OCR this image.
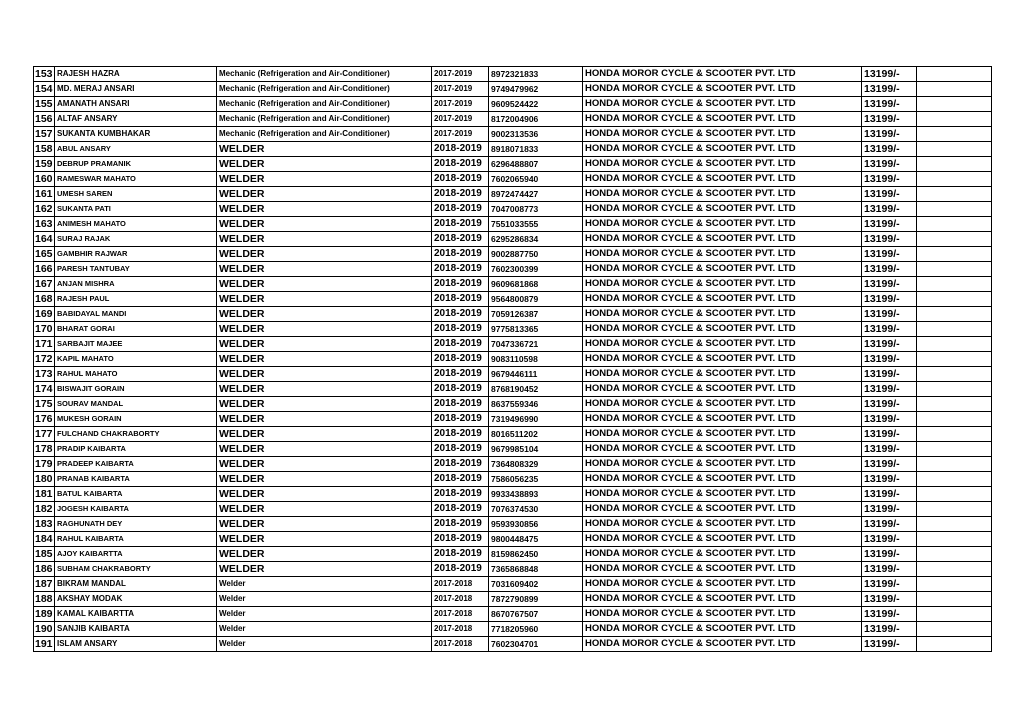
153	RAJESH HAZRA	Mechanic (Refrigeration and Air-Conditioner)	2017-2019	8972321833	HONDA MOROR CYCLE & SCOOTER PVT. LTD	13199/-	
154	MD. MERAJ ANSARI	Mechanic (Refrigeration and Air-Conditioner)	2017-2019	9749479962	HONDA MOROR CYCLE & SCOOTER PVT. LTD	13199/-	
155	AMANATH ANSARI	Mechanic (Refrigeration and Air-Conditioner)	2017-2019	9609524422	HONDA MOROR CYCLE & SCOOTER PVT. LTD	13199/-	
156	ALTAF ANSARY	Mechanic (Refrigeration and Air-Conditioner)	2017-2019	8172004906	HONDA MOROR CYCLE & SCOOTER PVT. LTD	13199/-	
157	SUKANTA KUMBHAKAR	Mechanic (Refrigeration and Air-Conditioner)	2017-2019	9002313536	HONDA MOROR CYCLE & SCOOTER PVT. LTD	13199/-	
158	ABUL ANSARY	WELDER	2018-2019	8918071833	HONDA MOROR CYCLE & SCOOTER PVT. LTD	13199/-	
159	DEBRUP PRAMANIK	WELDER	2018-2019	6296488807	HONDA MOROR CYCLE & SCOOTER PVT. LTD	13199/-	
160	RAMESWAR MAHATO	WELDER	2018-2019	7602065940	HONDA MOROR CYCLE & SCOOTER PVT. LTD	13199/-	
161	UMESH SAREN	WELDER	2018-2019	8972474427	HONDA MOROR CYCLE & SCOOTER PVT. LTD	13199/-	
162	SUKANTA PATI	WELDER	2018-2019	7047008773	HONDA MOROR CYCLE & SCOOTER PVT. LTD	13199/-	
163	ANIMESH MAHATO	WELDER	2018-2019	7551033555	HONDA MOROR CYCLE & SCOOTER PVT. LTD	13199/-	
164	SURAJ RAJAK	WELDER	2018-2019	6295286834	HONDA MOROR CYCLE & SCOOTER PVT. LTD	13199/-	
165	GAMBHIR RAJWAR	WELDER	2018-2019	9002887750	HONDA MOROR CYCLE & SCOOTER PVT. LTD	13199/-	
166	PARESH TANTUBAY	WELDER	2018-2019	7602300399	HONDA MOROR CYCLE & SCOOTER PVT. LTD	13199/-	
167	ANJAN MISHRA	WELDER	2018-2019	9609681868	HONDA MOROR CYCLE & SCOOTER PVT. LTD	13199/-	
168	RAJESH PAUL	WELDER	2018-2019	9564800879	HONDA MOROR CYCLE & SCOOTER PVT. LTD	13199/-	
169	BABIDAYAL MANDI	WELDER	2018-2019	7059126387	HONDA MOROR CYCLE & SCOOTER PVT. LTD	13199/-	
170	BHARAT GORAI	WELDER	2018-2019	9775813365	HONDA MOROR CYCLE & SCOOTER PVT. LTD	13199/-	
171	SARBAJIT MAJEE	WELDER	2018-2019	7047336721	HONDA MOROR CYCLE & SCOOTER PVT. LTD	13199/-	
172	KAPIL MAHATO	WELDER	2018-2019	9083110598	HONDA MOROR CYCLE & SCOOTER PVT. LTD	13199/-	
173	RAHUL MAHATO	WELDER	2018-2019	9679446111	HONDA MOROR CYCLE & SCOOTER PVT. LTD	13199/-	
174	BISWAJIT GORAIN	WELDER	2018-2019	8768190452	HONDA MOROR CYCLE & SCOOTER PVT. LTD	13199/-	
175	SOURAV MANDAL	WELDER	2018-2019	8637559346	HONDA MOROR CYCLE & SCOOTER PVT. LTD	13199/-	
176	MUKESH GORAIN	WELDER	2018-2019	7319496990	HONDA MOROR CYCLE & SCOOTER PVT. LTD	13199/-	
177	FULCHAND CHAKRABORTY	WELDER	2018-2019	8016511202	HONDA MOROR CYCLE & SCOOTER PVT. LTD	13199/-	
178	PRADIP KAIBARTA	WELDER	2018-2019	9679985104	HONDA MOROR CYCLE & SCOOTER PVT. LTD	13199/-	
179	PRADEEP KAIBARTA	WELDER	2018-2019	7364808329	HONDA MOROR CYCLE & SCOOTER PVT. LTD	13199/-	
180	PRANAB KAIBARTA	WELDER	2018-2019	7586056235	HONDA MOROR CYCLE & SCOOTER PVT. LTD	13199/-	
181	BATUL KAIBARTA	WELDER	2018-2019	9933438893	HONDA MOROR CYCLE & SCOOTER PVT. LTD	13199/-	
182	JOGESH KAIBARTA	WELDER	2018-2019	7076374530	HONDA MOROR CYCLE & SCOOTER PVT. LTD	13199/-	
183	RAGHUNATH DEY	WELDER	2018-2019	9593930856	HONDA MOROR CYCLE & SCOOTER PVT. LTD	13199/-	
184	RAHUL KAIBARTA	WELDER	2018-2019	9800448475	HONDA MOROR CYCLE & SCOOTER PVT. LTD	13199/-	
185	AJOY KAIBARTTA	WELDER	2018-2019	8159862450	HONDA MOROR CYCLE & SCOOTER PVT. LTD	13199/-	
186	SUBHAM CHAKRABORTY	WELDER	2018-2019	7365868848	HONDA MOROR CYCLE & SCOOTER PVT. LTD	13199/-	
187	BIKRAM MANDAL	Welder	2017-2018	7031609402	HONDA MOROR CYCLE & SCOOTER PVT. LTD	13199/-	
188	AKSHAY MODAK	Welder	2017-2018	7872790899	HONDA MOROR CYCLE & SCOOTER PVT. LTD	13199/-	
189	KAMAL KAIBARTTA	Welder	2017-2018	8670767507	HONDA MOROR CYCLE & SCOOTER PVT. LTD	13199/-	
190	SANJIB KAIBARTA	Welder	2017-2018	7718205960	HONDA MOROR CYCLE & SCOOTER PVT. LTD	13199/-	
191	ISLAM ANSARY	Welder	2017-2018	7602304701	HONDA MOROR CYCLE & SCOOTER PVT. LTD	13199/-	
